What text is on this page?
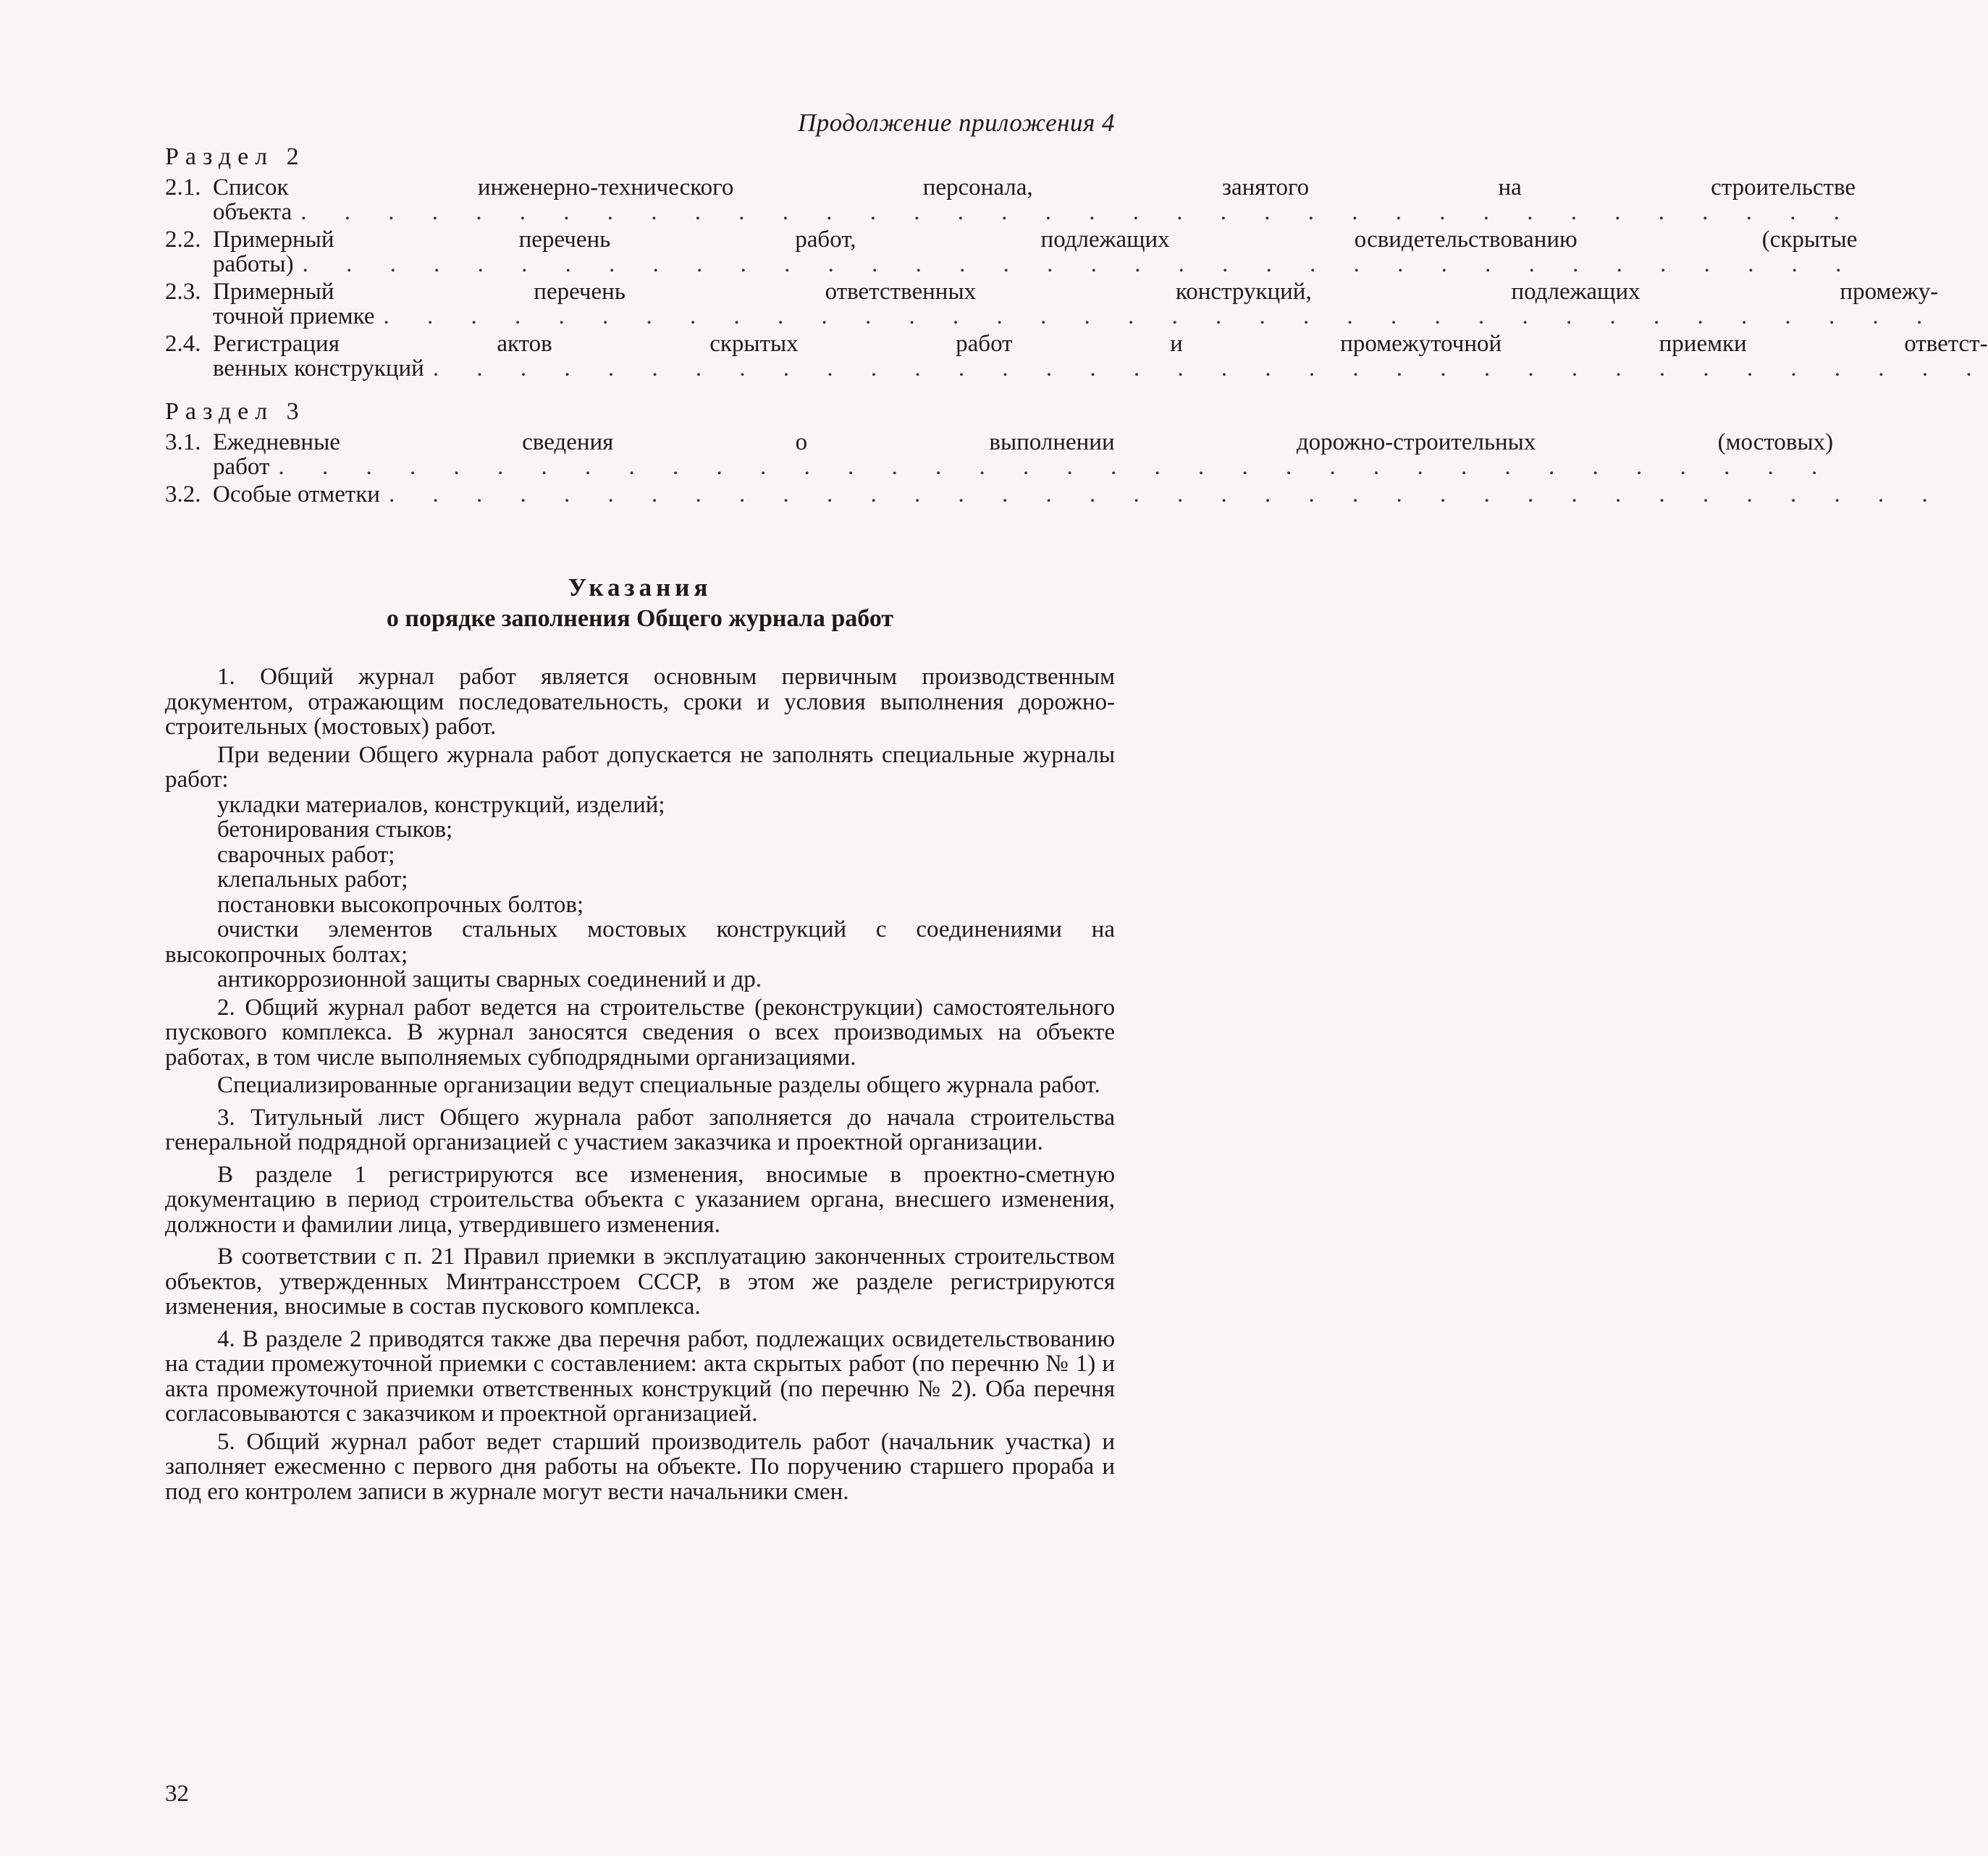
Продолжение приложения 4
Раздел 2
2.1. Список инженерно-технического персонала, занятого на строительстве
объекта . . . . . . . . . . . . . . . . . . . . . . . . . . . . . . . . . . . .
2.2. Примерный перечень работ, подлежащих освидетельствованию (скрытые
работы) . . . . . . . . . . . . . . . . . . . . . . . . . . . . . . . . . . . .
2.3. Примерный перечень ответственных конструкций, подлежащих промежу-
точной приемке . . . . . . . . . . . . . . . . . . . . . . . . . . . . . . . . . . . .
2.4. Регистрация актов скрытых работ и промежуточной приемки ответст-
венных конструкций . . . . . . . . . . . . . . . . . . . . . . . . . . . . . . . . . . . .
Раздел 3
3.1. Ежедневные сведения о выполнении дорожно-строительных (мостовых)
работ . . . . . . . . . . . . . . . . . . . . . . . . . . . . . . . . . . . .
3.2. Особые отметки . . . . . . . . . . . . . . . . . . . . . . . . . . . . . . . . . . . .
Указания
о порядке заполнения Общего журнала работ

1. Общий журнал работ является основным первичным производственным документом, отражающим последовательность, сроки и условия выполнения дорожно-строительных (мостовых) работ.

При ведении Общего журнала работ допускается не заполнять специальные журналы работ:

укладки материалов, конструкций, изделий;

бетонирования стыков;

сварочных работ;

клепальных работ;

постановки высокопрочных болтов;

очистки элементов стальных мостовых конструкций с соединениями на высокопрочных болтах;

антикоррозионной защиты сварных соединений и др.

2. Общий журнал работ ведется на строительстве (реконструкции) самостоятельного пускового комплекса. В журнал заносятся сведения о всех производимых на объекте работах, в том числе выполняемых субподрядными организациями.

Специализированные организации ведут специальные разделы общего журнала работ.

3. Титульный лист Общего журнала работ заполняется до начала строительства генеральной подрядной организацией с участием заказчика и проектной организации.

В разделе 1 регистрируются все изменения, вносимые в проектно-сметную документацию в период строительства объекта с указанием органа, внесшего изменения, должности и фамилии лица, утвердившего изменения.

В соответствии с п. 21 Правил приемки в эксплуатацию законченных строительством объектов, утвержденных Минтрансстроем СССР, в этом же разделе регистрируются изменения, вносимые в состав пускового комплекса.

4. В разделе 2 приводятся также два перечня работ, подлежащих освидетельствованию на стадии промежуточной приемки с составлением: акта скрытых работ (по перечню № 1) и акта промежуточной приемки ответственных конструкций (по перечню № 2). Оба перечня согласовываются с заказчиком и проектной организацией.

5. Общий журнал работ ведет старший производитель работ (начальник участка) и заполняет ежесменно с первого дня работы на объекте. По поручению старшего прораба и под его контролем записи в журнале могут вести начальники смен.

32
